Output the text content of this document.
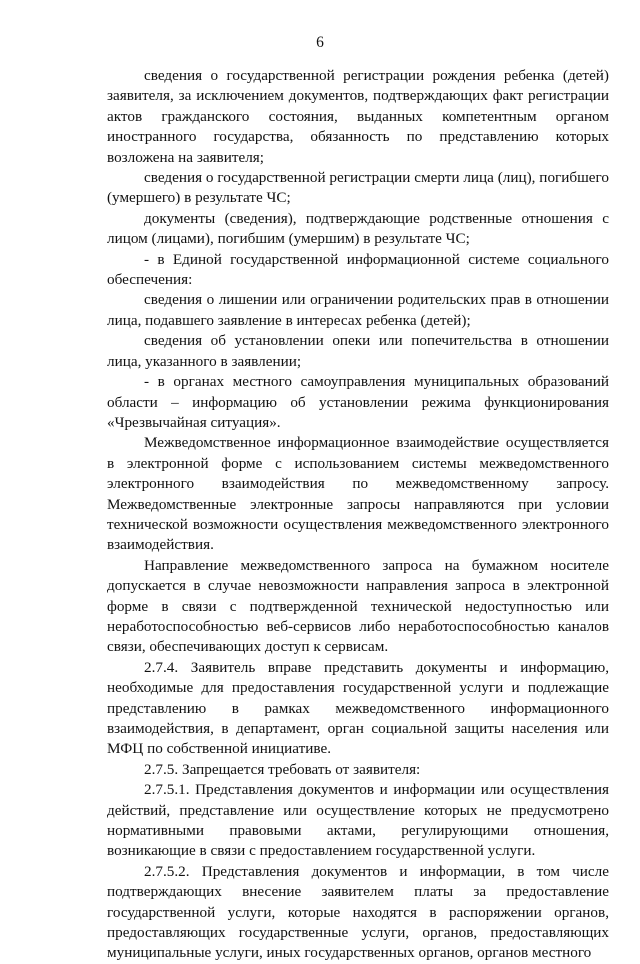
6

сведения о государственной регистрации рождения ребенка (детей) заявителя, за исключением документов, подтверждающих факт регистрации актов гражданского состояния, выданных компетентным органом иностранного государства, обязанность по представлению которых возложена на заявителя;

сведения о государственной регистрации смерти лица (лиц), погибшего (умершего) в результате ЧС;

документы (сведения), подтверждающие родственные отношения с лицом (лицами), погибшим (умершим) в результате ЧС;

- в Единой государственной информационной системе социального обеспечения:

сведения о лишении или ограничении родительских прав в отношении лица, подавшего заявление в интересах ребенка (детей);

сведения об установлении опеки или попечительства в отношении лица, указанного в заявлении;

- в органах местного самоуправления муниципальных образований области – информацию об установлении режима функционирования «Чрезвычайная ситуация».

Межведомственное информационное взаимодействие осуществляется в электронной форме с использованием системы межведомственного электронного взаимодействия по межведомственному запросу. Межведомственные электронные запросы направляются при условии технической возможности осуществления межведомственного электронного взаимодействия.

Направление межведомственного запроса на бумажном носителе допускается в случае невозможности направления запроса в электронной форме в связи с подтвержденной технической недоступностью или неработоспособностью веб-сервисов либо неработоспособностью каналов связи, обеспечивающих доступ к сервисам.

2.7.4. Заявитель вправе представить документы и информацию, необходимые для предоставления государственной услуги и подлежащие представлению в рамках межведомственного информационного взаимодействия, в департамент, орган социальной защиты населения или МФЦ по собственной инициативе.

2.7.5. Запрещается требовать от заявителя:

2.7.5.1. Представления документов и информации или осуществления действий, представление или осуществление которых не предусмотрено нормативными правовыми актами, регулирующими отношения, возникающие в связи с предоставлением государственной услуги.

2.7.5.2. Представления документов и информации, в том числе подтверждающих внесение заявителем платы за предоставление государственной услуги, которые находятся в распоряжении органов, предоставляющих государственные услуги, органов, предоставляющих муниципальные услуги, иных государственных органов, органов местного
